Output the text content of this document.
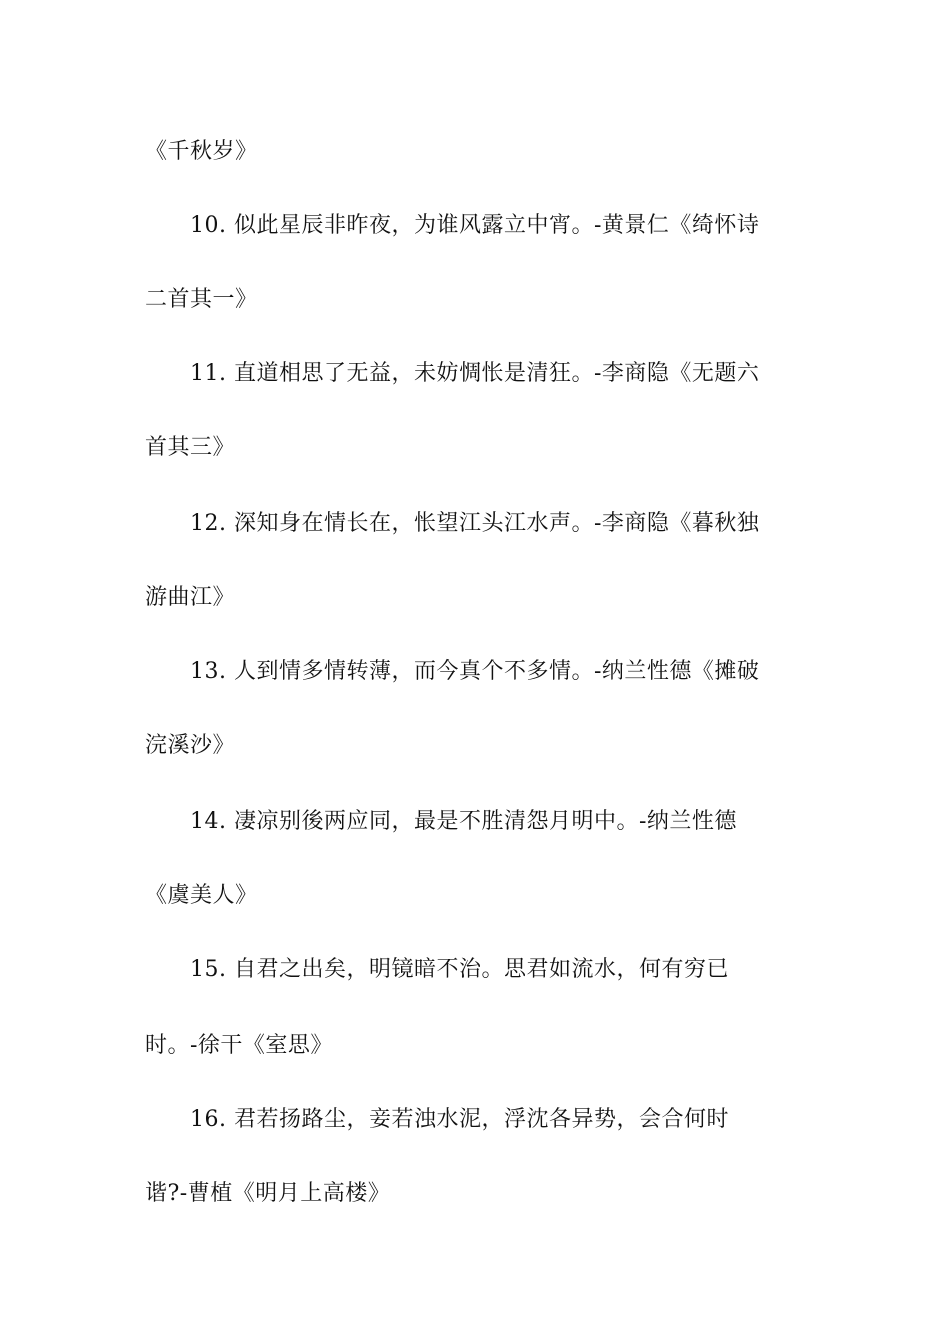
《千秋岁》
10. 似此星辰非昨夜，为谁风露立中宵。-黄景仁《绮怀诗
二首其一》
11. 直道相思了无益，未妨惆怅是清狂。-李商隐《无题六
首其三》
12. 深知身在情长在，怅望江头江水声。-李商隐《暮秋独
游曲江》
13. 人到情多情转薄，而今真个不多情。-纳兰性德《摊破
浣溪沙》
14. 凄凉别後两应同，最是不胜清怨月明中。-纳兰性德
《虞美人》
15. 自君之出矣，明镜暗不治。思君如流水，何有穷已
时。-徐干《室思》
16. 君若扬路尘，妾若浊水泥，浮沈各异势，会合何时
谐?-曹植《明月上高楼》
